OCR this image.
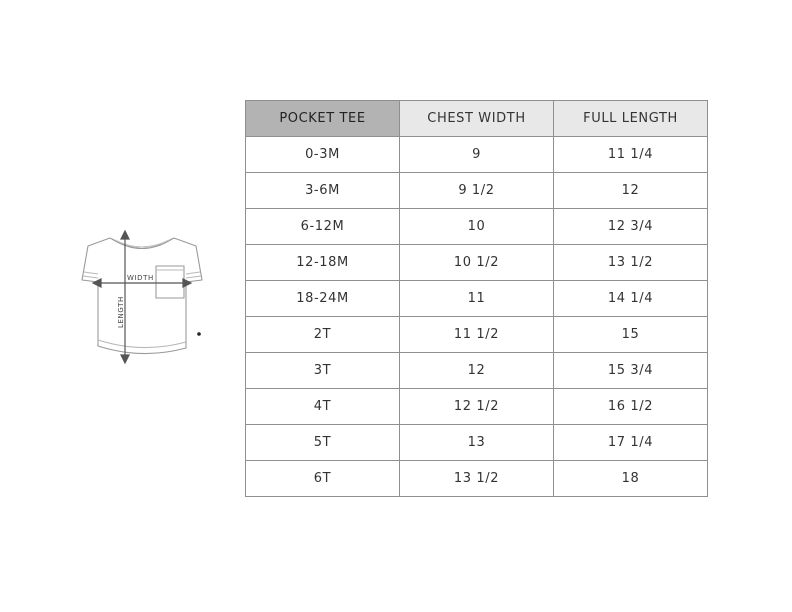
WIDTH
LENGTH
POCKET TEE	CHEST WIDTH	FULL LENGTH
0-3M	9	11 1/4
3-6M	9 1/2	12
6-12M	10	12 3/4
12-18M	10 1/2	13 1/2
18-24M	11	14 1/4
2T	11 1/2	15
3T	12	15 3/4
4T	12 1/2	16 1/2
5T	13	17 1/4
6T	13 1/2	18
